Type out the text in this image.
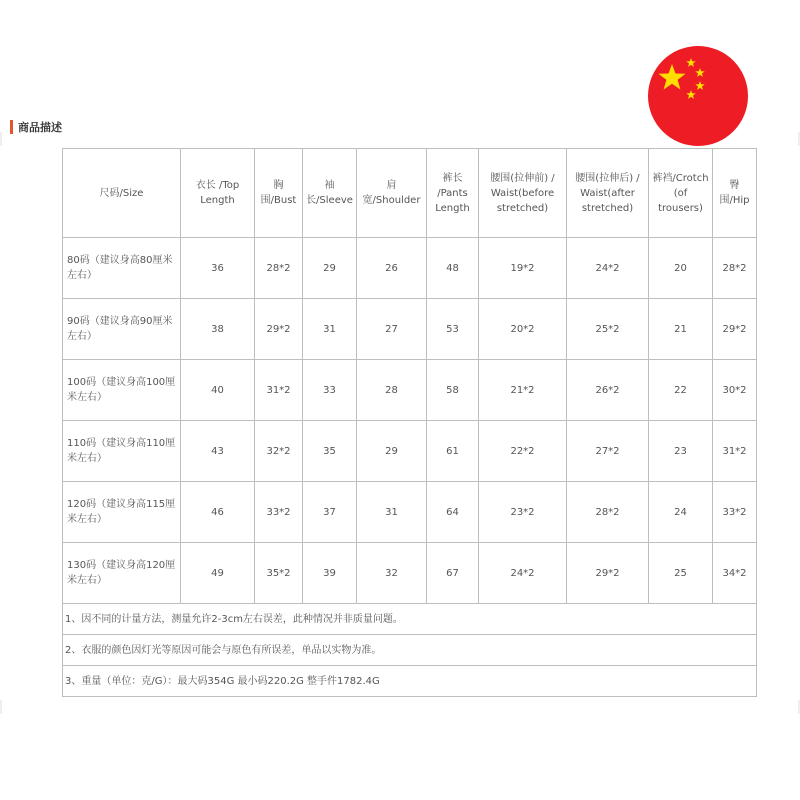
商品描述
尺码/Size	衣长 /Top Length	胸围/Bust	袖长/Sleeve	肩宽/Shoulder	裤长 /Pants Length	腰围(拉伸前) / Waist(before stretched)	腰围(拉伸后) / Waist(after stretched)	裤裆/Crotch (of trousers)	臀围/Hip
80码（建议身高80厘米左右）	36	28*2	29	26	48	19*2	24*2	20	28*2
90码（建议身高90厘米左右）	38	29*2	31	27	53	20*2	25*2	21	29*2
100码（建议身高100厘米左右）	40	31*2	33	28	58	21*2	26*2	22	30*2
110码（建议身高110厘米左右）	43	32*2	35	29	61	22*2	27*2	23	31*2
120码（建议身高115厘米左右）	46	33*2	37	31	64	23*2	28*2	24	33*2
130码（建议身高120厘米左右）	49	35*2	39	32	67	24*2	29*2	25	34*2
1、因不同的计量方法，测量允许2-3cm左右误差，此种情况并非质量问题。									
2、衣服的颜色因灯光等原因可能会与原色有所误差，单品以实物为准。									
3、重量（单位：克/G）：最大码354G 最小码220.2G 整手件1782.4G									
